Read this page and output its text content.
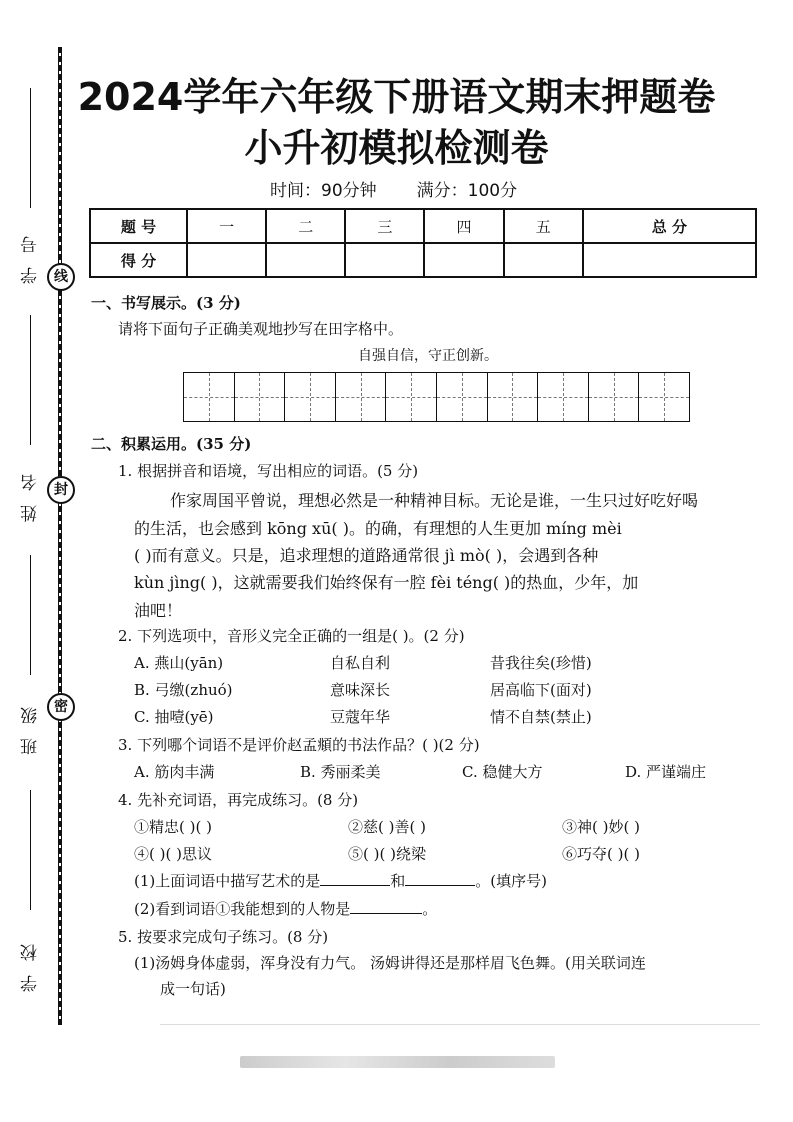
线
封
密
学号
姓名
班级
学校
2024学年六年级下册语文期末押题卷
小升初模拟检测卷
时间：90分钟 满分：100分
题 号	一	二	三	四	五	总 分
得 分						
一、书写展示。(3 分)
请将下面句子正确美观地抄写在田字格中。
自强自信，守正创新。
二、积累运用。(35 分)
1. 根据拼音和语境，写出相应的词语。(5 分)
作家周国平曾说，理想必然是一种精神目标。无论是谁，一生只过好吃好喝
的生活，也会感到 kōng xū( )。的确，有理想的人生更加 míng mèi
( )而有意义。只是，追求理想的道路通常很 jì mò( )，会遇到各种
kùn jìng( )，这就需要我们始终保有一腔 fèi téng( )的热血，少年，加
油吧！
2. 下列选项中，音形义完全正确的一组是( )。(2 分)
A. 燕山(yān)	自私自利	昔我往矣(珍惜)
B. 弓缴(zhuó)	意味深长	居高临下(面对)
C. 抽噎(yē)	豆蔻年华	情不自禁(禁止)
3. 下列哪个词语不是评价赵孟頫的书法作品？( )(2 分)
A. 筋肉丰满	B. 秀丽柔美	C. 稳健大方	D. 严谨端庄
4. 先补充词语，再完成练习。(8 分)
①精忠( )( )	②慈( )善( )	③神( )妙( )
④( )( )思议	⑤( )( )绕梁	⑥巧夺( )( )
(1)上面词语中描写艺术的是	和	。(填序号)
(2)看到词语①我能想到的人物是	。
5. 按要求完成句子练习。(8 分)
(1)汤姆身体虚弱，浑身没有力气。 汤姆讲得还是那样眉飞色舞。(用关联词连
成一句话)
